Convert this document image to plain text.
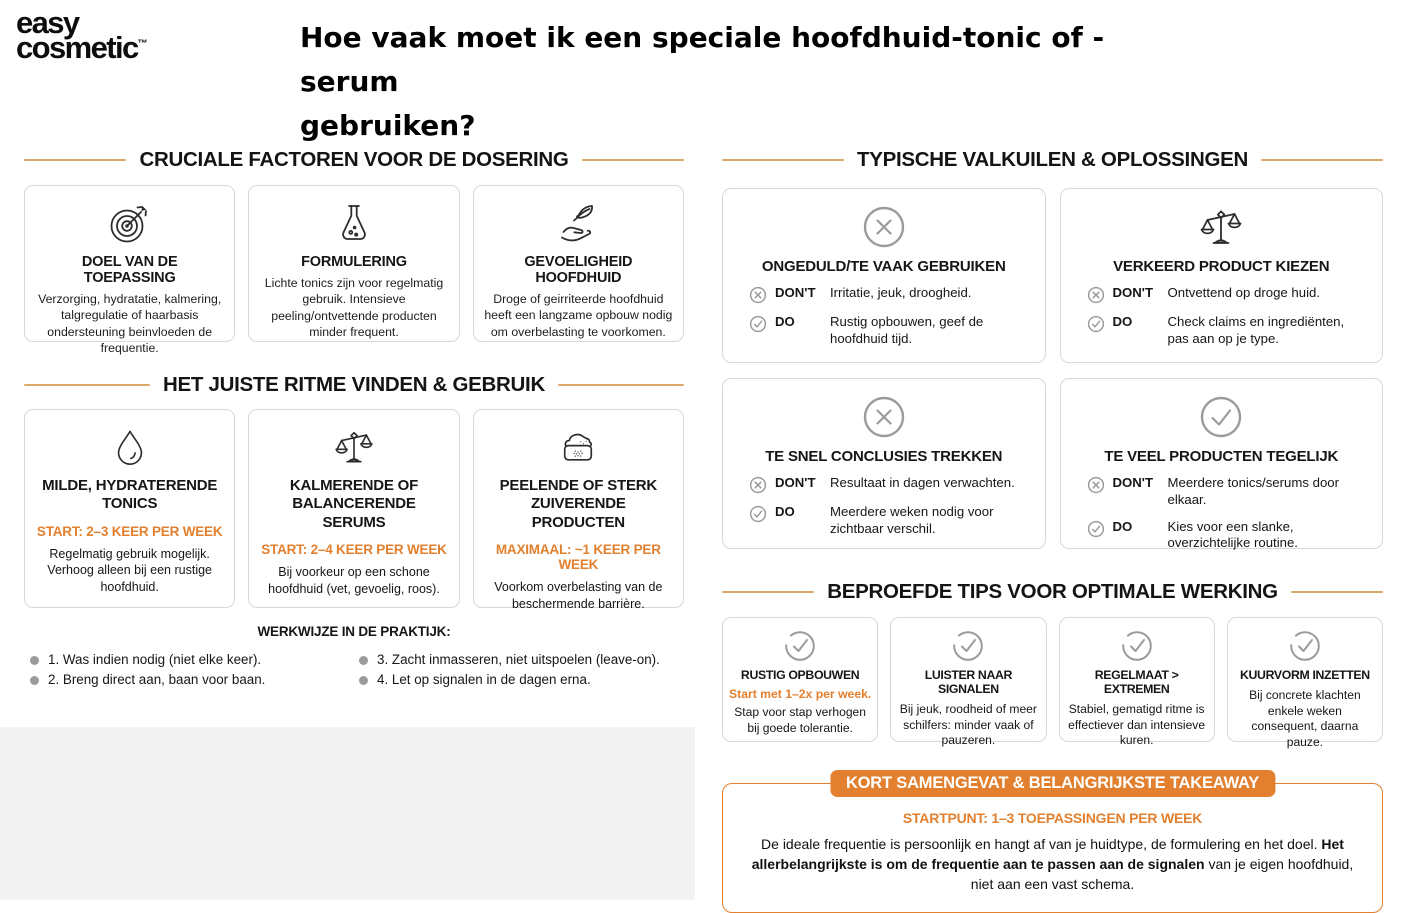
easy
cosmetic™	Hoe vaak moet ik een speciale hoofdhuid-tonic of -serum
gebruiken?
CRUCIALE FACTOREN VOOR DE DOSERING
DOEL VAN DE TOEPASSING
Verzorging, hydratatie, kalmering, talgregulatie of haarbasis ondersteuning beinvloeden de frequentie.
FORMULERING
Lichte tonics zijn voor regelmatig gebruik. Intensieve peeling/ontvettende producten minder frequent.
GEVOELIGHEID HOOFDHUID
Droge of geirriteerde hoofdhuid heeft een langzame opbouw nodig om overbelasting te voorkomen.
HET JUISTE RITME VINDEN & GEBRUIK
MILDE, HYDRATERENDE TONICS
START: 2–3 KEER PER WEEK
Regelmatig gebruik mogelijk. Verhoog alleen bij een rustige hoofdhuid.
KALMERENDE OF BALANCERENDE SERUMS
START: 2–4 KEER PER WEEK
Bij voorkeur op een schone hoofdhuid (vet, gevoelig, roos).
PEELENDE OF STERK ZUIVERENDE PRODUCTEN
MAXIMAAL: ~1 KEER PER WEEK
Voorkom overbelasting van de beschermende barrière.
WERKWIJZE IN DE PRAKTIJK:
1. Was indien nodig (niet elke keer).
2. Breng direct aan, baan voor baan.
3. Zacht inmasseren, niet uitspoelen (leave-on).
4. Let op signalen in de dagen erna.
TYPISCHE VALKUILEN & OPLOSSINGEN
ONGEDULD/TE VAAK GEBRUIKEN
DON'T	Irritatie, jeuk, droogheid.
DO	Rustig opbouwen, geef de hoofdhuid tijd.
VERKEERD PRODUCT KIEZEN
DON'T	Ontvettend op droge huid.
DO	Check claims en ingrediënten, pas aan op je type.
TE SNEL CONCLUSIES TREKKEN
DON'T	Resultaat in dagen verwachten.
DO	Meerdere weken nodig voor zichtbaar verschil.
TE VEEL PRODUCTEN TEGELIJK
DON'T	Meerdere tonics/serums door elkaar.
DO	Kies voor een slanke, overzichtelijke routine.
BEPROEFDE TIPS VOOR OPTIMALE WERKING
RUSTIG OPBOUWEN
Start met 1–2x per week.
Stap voor stap verhogen bij goede tolerantie.
LUISTER NAAR SIGNALEN
Bij jeuk, roodheid of meer schilfers: minder vaak of pauzeren.
REGELMAAT > EXTREMEN
Stabiel, gematigd ritme is effectiever dan intensieve kuren.
KUURVORM INZETTEN
Bij concrete klachten enkele weken consequent, daarna pauze.
KORT SAMENGEVAT & BELANGRIJKSTE TAKEAWAY
STARTPUNT: 1–3 TOEPASSINGEN PER WEEK
De ideale frequentie is persoonlijk en hangt af van je huidtype, de formulering en het doel. Het allerbelangrijkste is om de frequentie aan te passen aan de signalen van je eigen hoofdhuid, niet aan een vast schema.
